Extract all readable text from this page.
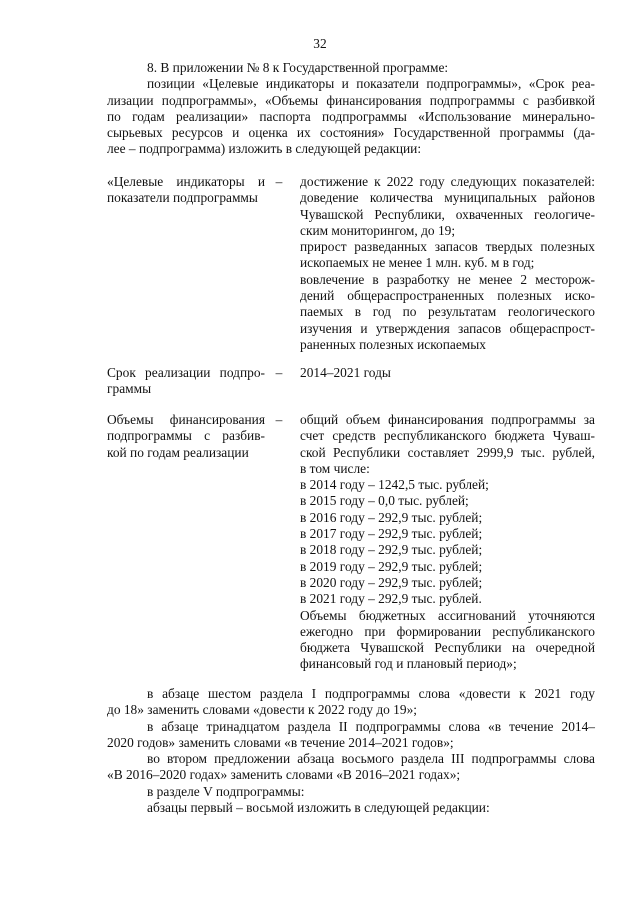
32
8. В приложении № 8 к Государственной программе:
позиции «Целевые индикаторы и показатели подпрограммы», «Срок реа-
лизации подпрограммы», «Объемы финансирования подпрограммы с разбивкой
по годам реализации» паспорта подпрограммы «Использование минерально-
сырьевых ресурсов и оценка их состояния» Государственной программы (да-
лее – подпрограмма) изложить в следующей редакции:
«Целевые индикаторы и
показатели подпрограммы
– достижение к 2022 году следующих показателей:
доведение количества муниципальных районов
Чувашской Республики, охваченных геологиче-
ским мониторингом, до 19;
прирост разведанных запасов твердых полезных
ископаемых не менее 1 млн. куб. м в год;
вовлечение в разработку не менее 2 месторож-
дений общераспространенных полезных иско-
паемых в год по результатам геологического
изучения и утверждения запасов общераспрост-
раненных полезных ископаемых
Срок реализации подпро-
граммы
– 2014–2021 годы
Объемы финансирования
подпрограммы с разбив-
кой по годам реализации
– общий объем финансирования подпрограммы за
счет средств республиканского бюджета Чуваш-
ской Республики составляет 2999,9 тыс. рублей,
в том числе:
в 2014 году – 1242,5 тыс. рублей;
в 2015 году – 0,0 тыс. рублей;
в 2016 году – 292,9 тыс. рублей;
в 2017 году – 292,9 тыс. рублей;
в 2018 году – 292,9 тыс. рублей;
в 2019 году – 292,9 тыс. рублей;
в 2020 году – 292,9 тыс. рублей;
в 2021 году – 292,9 тыс. рублей.
Объемы бюджетных ассигнований уточняются
ежегодно при формировании республиканского
бюджета Чувашской Республики на очередной
финансовый год и плановый период»;
в абзаце шестом раздела I подпрограммы слова «довести к 2021 году
до 18» заменить словами «довести к 2022 году до 19»;
в абзаце тринадцатом раздела II подпрограммы слова «в течение 2014–
2020 годов» заменить словами «в течение 2014–2021 годов»;
во втором предложении абзаца восьмого раздела III подпрограммы слова
«В 2016–2020 годах» заменить словами «В 2016–2021 годах»;
в разделе V подпрограммы:
абзацы первый – восьмой изложить в следующей редакции:
